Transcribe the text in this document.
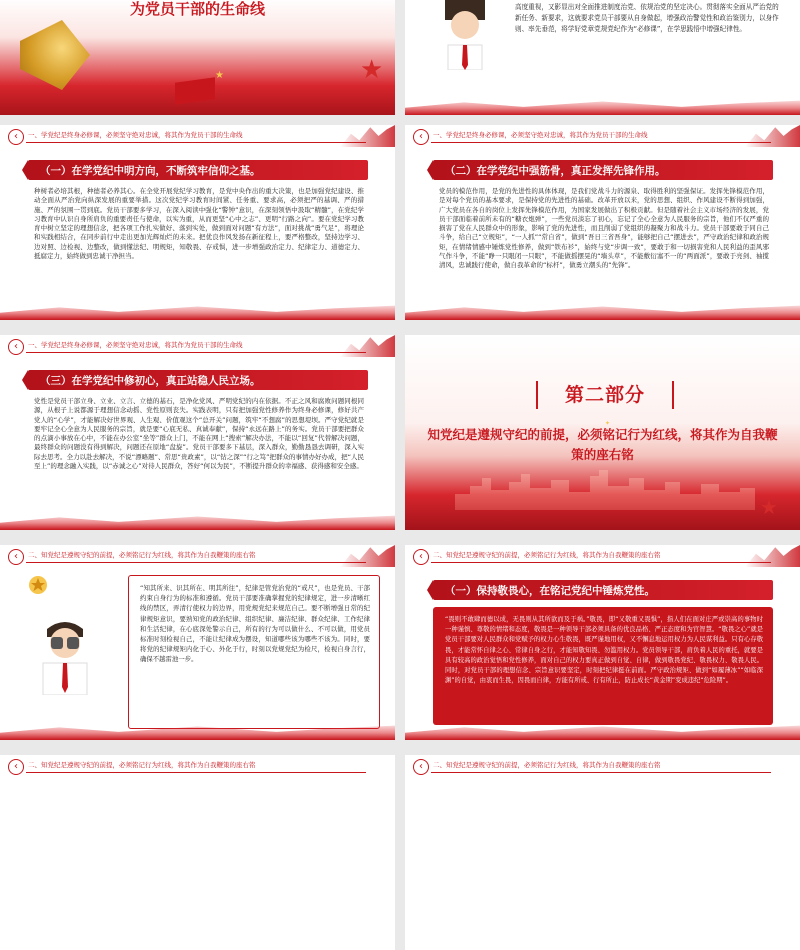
为党员干部的生命线
★	★
高度重视，又影显出对全面推进制度治党、依规治党的坚定决心。贯彻落实全面从严治党的新任务、新要求，这就要求党员干部要从自身做起，增强政治警觉性和政治鉴别力，以身作则、率先垂范，将学好党章党规党纪作为“必修课”，在学思践悟中增强纪律性。
‹	一、学党纪是终身必修课，必须坚守绝对忠诚，将其作为党员干部的生命线
（一）在学党纪中明方向，不断筑牢信仰之基。
种树者必培其根，种德者必养其心。在全党开展党纪学习教育，是党中央作出的重大决策，也是加强党纪建设、推动全面从严治党向纵深发展的重要举措。这次党纪学习教育时间紧、任务重、要求高，必须把严的基调、严的措施、严的氛围一贯到底。党员干部要多学习，在深入阅读中强化“警钟”意识，在深刻领悟中汲取“精髓”，在党纪学习教育中认识自身所肩负的重要责任与使命，以实为重，从而更坚“心中之志”、更明“行路之向”。要在党纪学习教育中树立坚定的理想信念，把各项工作扎实做好、落到实处，做到面对问题“有方法”，面对挑战“勇气足”，将理论和实践相结合，在同步前行中走出更加光辉灿烂的未来。把优良作风发扬在新征程上，要严格整改，坚持边学习、边对照、边检视、边整改，做到懂法纪、明规矩，知敬畏、存戒惧，进一步增强政治定力、纪律定力、道德定力、抵腐定力，始终做到忠诚干净担当。
‹	一、学党纪是终身必修课，必须坚守绝对忠诚，将其作为党员干部的生命线
（二）在学党纪中强筋骨，真正发挥先锋作用。
党员的模范作用，是党的先进性的具体体现，是我们党战斗力的源泉、取得胜利的坚强保证。发挥先锋模范作用，是对每个党员的基本要求，是保持党的先进性的基础。改革开放以来，党的思想、组织、作风建设不断得到加强，广大党员在各自的岗位上发挥先锋模范作用，为国家发展做出了积极贡献。但是随着社会主义市场经济的发展，党员干部面临着前所未有的“糖衣炮弹”，一些党员淡忘了初心，忘记了全心全意为人民服务的宗旨，他们不仅严重的损害了党在人民群众中的形象，影响了党的先进性，而且削弱了党组织的凝聚力和战斗力。党员干部要敢于同自己斗争，给自己“立规矩”，“一人抓”“常自省”，做到“吾日三省吾身”，能够把自己“摆进去”，严守政治纪律和政治规矩，在情绪情感中锤炼党性修养，做到“铁布衫”，始终与党“步调一致”，要敢于和一切损害党和人民利益的歪风邪气作斗争，不能“睁一只眼闭一只眼”，不能做摇摆晃的“墙头草”，不能敷衍塞不一的“两面派”，要敢于亮剑、袖揽清风，忠诚践行使命，做自我革命的“标杆”，做勇立潮头的“先锋”。
‹	一、学党纪是终身必修课，必须坚守绝对忠诚，将其作为党员干部的生命线
（三）在学党纪中修初心，真正站稳人民立场。
党性是党员干部立身、立业、立言、立德的基石，是净化党风、严明党纪的内在依据。不正之风和腐败问题同根同源，从根子上说都源于理想信念动摇、党性原则丧失。实践表明，只有把加强党性修养作为终身必修课，修好共产党人的“心学”，才能解决好世界观、人生观、价值观这个“总开关”问题，筑牢“不想腐”的思想堤坝。严守党纪就是要牢记全心全意为人民服务的宗旨，就是要“心底无私、真诚奉献”，保持“永远在路上”的务实。党员干部要把群众的点滴小事放在心中，不能在办公室“坐等”群众上门，不能在网上“搜索”解决办法，不能以“回复”代替解决问题，最终群众的问题没有得到解决，问题还在原地“盘旋”。党员干部要多下基层，深入群众，勤勤恳恳去调研，深入实际去思考。全力以赴去解决，不说“漂略题”、常思“贵政素”，以“钻之深”“行之笃”把群众的事情办好办成，把“人民至上”的理念融入实践，以“赤诚之心”对待人民群众，答好“何以为民”，不断提升群众的幸福感、获得感和安全感。
第二部分
知党纪是遵规守纪的前提，必须铭记行为红线，将其作为自我鞭策的座右铭
★
✦
‹	二、知党纪是遵规守纪的前提，必须铭记行为红线，将其作为自我鞭策的座右铭
“知其所来、识其所在、明其所往”，纪律是管党治党的“戒尺”，也是党员、干部约束自身行为的标准和遵循。党员干部要准确掌握党的纪律规定，进一步清晰红线的禁区，弄清行使权力的边界，用党规党纪来规范自己。要不断增强日常的纪律规矩意识，要熟知党的政治纪律、组织纪律、廉洁纪律、群众纪律、工作纪律和生活纪律，在心底深处警示自己，所有的行为可以做什么、不可以做，用党员标准时刻检视自己，不能让纪律成为摆设，知道哪些该为哪些不该为。同时，要将党的纪律规矩内化于心、外化于行，时刻以党规党纪为检尺，检视自身言行，确保不越雷池一步。
‹	二、知党纪是遵规守纪的前提，必须铭记行为红线，将其作为自我鞭策的座右铭
（一）保持敬畏心，在铭记党纪中锤炼党性。
“畏则不敢肆而德以成，无畏则从其所欲而及于祸。”敬畏，即“又敬重又畏惧”，指人们在面对庄严或崇高的事物时一种谨慎、尊敬的情绪和态度，敬畏是一种领导干部必须具备的优良品格、严正态度和为官智慧。“敬畏之心”就是党员干部要对人民群众和党赋予的权力心生敬畏，既严谨地用权，又不懈息地运用权力为人民谋利益。只有心存敬畏，才能常怀自律之心、常律自身之行，才能知敬知畏、勿滥用权力。党员领导干部，肩负着人民的重托，就要是具有较高的政治觉悟和党性修养，面对自己的权力要真正做到自觉、自律，做到敬畏党纪、敬畏权力、敬畏人民。同时，对党员干部的理想信念、宗旨意识要坚定，时刻把纪律挺在前面。严守政治规矩、做到“如履薄冰”“如临深渊”的自觉，由衷而生畏，因畏而自律，方能有所戒、行有所止，防止成长“黄金期”变成违纪“危险期”。
‹	二、知党纪是遵规守纪的前提，必须铭记行为红线，将其作为自我鞭策的座右铭	‹	二、知党纪是遵规守纪的前提，必须铭记行为红线，将其作为自我鞭策的座右铭
